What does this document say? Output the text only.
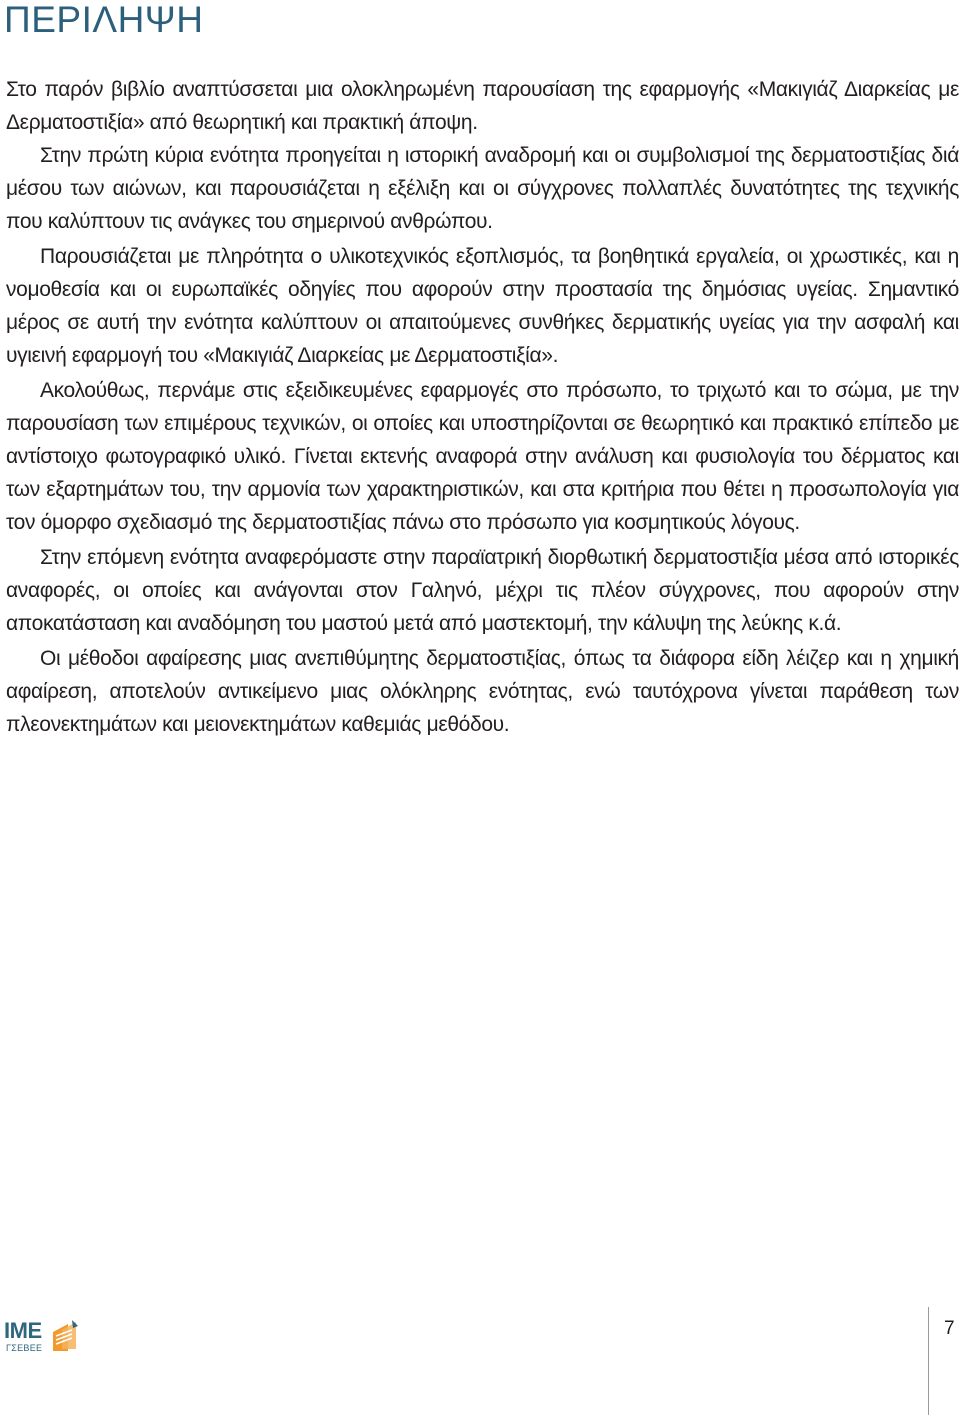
ΠΕΡΙΛΗΨΗ

Στο παρόν βιβλίο αναπτύσσεται μια ολοκληρωμένη παρουσίαση της εφαρμογής «Μακιγιάζ Διαρκείας με Δερματοστιξία» από θεωρητική και πρακτική άποψη.

Στην πρώτη κύρια ενότητα προηγείται η ιστορική αναδρομή και οι συμβολισμοί της δερματοστιξίας διά μέσου των αιώνων, και παρουσιάζεται η εξέλιξη και οι σύγχρονες πολλαπλές δυνατότητες της τεχνικής που καλύπτουν τις ανάγκες του σημερινού ανθρώπου.

Παρουσιάζεται με πληρότητα ο υλικοτεχνικός εξοπλισμός, τα βοηθητικά εργαλεία, οι χρωστικές, και η νομοθεσία και οι ευρωπαϊκές οδηγίες που αφορούν στην προστασία της δημόσιας υγείας. Σημαντικό μέρος σε αυτή την ενότητα καλύπτουν οι απαιτούμενες συνθήκες δερματικής υγείας για την ασφαλή και υγιεινή εφαρμογή του «Μακιγιάζ Διαρκείας με Δερματοστιξία».

Ακολούθως, περνάμε στις εξειδικευμένες εφαρμογές στο πρόσωπο, το τριχωτό και το σώμα, με την παρουσίαση των επιμέρους τεχνικών, οι οποίες και υποστηρίζονται σε θεωρητικό και πρακτικό επίπεδο με αντίστοιχο φωτογραφικό υλικό. Γίνεται εκτενής αναφορά στην ανάλυση και φυσιολογία του δέρματος και των εξαρτημάτων του, την αρμονία των χαρακτηριστικών, και στα κριτήρια που θέτει η προσωπολογία για τον όμορφο σχεδιασμό της δερματοστιξίας πάνω στο πρόσωπο για κοσμητικούς λόγους.

Στην επόμενη ενότητα αναφερόμαστε στην παραϊατρική διορθωτική δερματοστιξία μέσα από ιστορικές αναφορές, οι οποίες και ανάγονται στον Γαληνό, μέχρι τις πλέον σύγχρονες, που αφορούν στην αποκατάσταση και αναδόμηση του μαστού μετά από μαστεκτομή, την κάλυψη της λεύκης κ.ά.

Οι μέθοδοι αφαίρεσης μιας ανεπιθύμητης δερματοστιξίας, όπως τα διάφορα είδη λέιζερ και η χημική αφαίρεση, αποτελούν αντικείμενο μιας ολόκληρης ενότητας, ενώ ταυτόχρονα γίνεται παράθεση των πλεονεκτημάτων και μειονεκτημάτων καθεμιάς μεθόδου.

IME
ΓΣΕΒΕΕ
7
